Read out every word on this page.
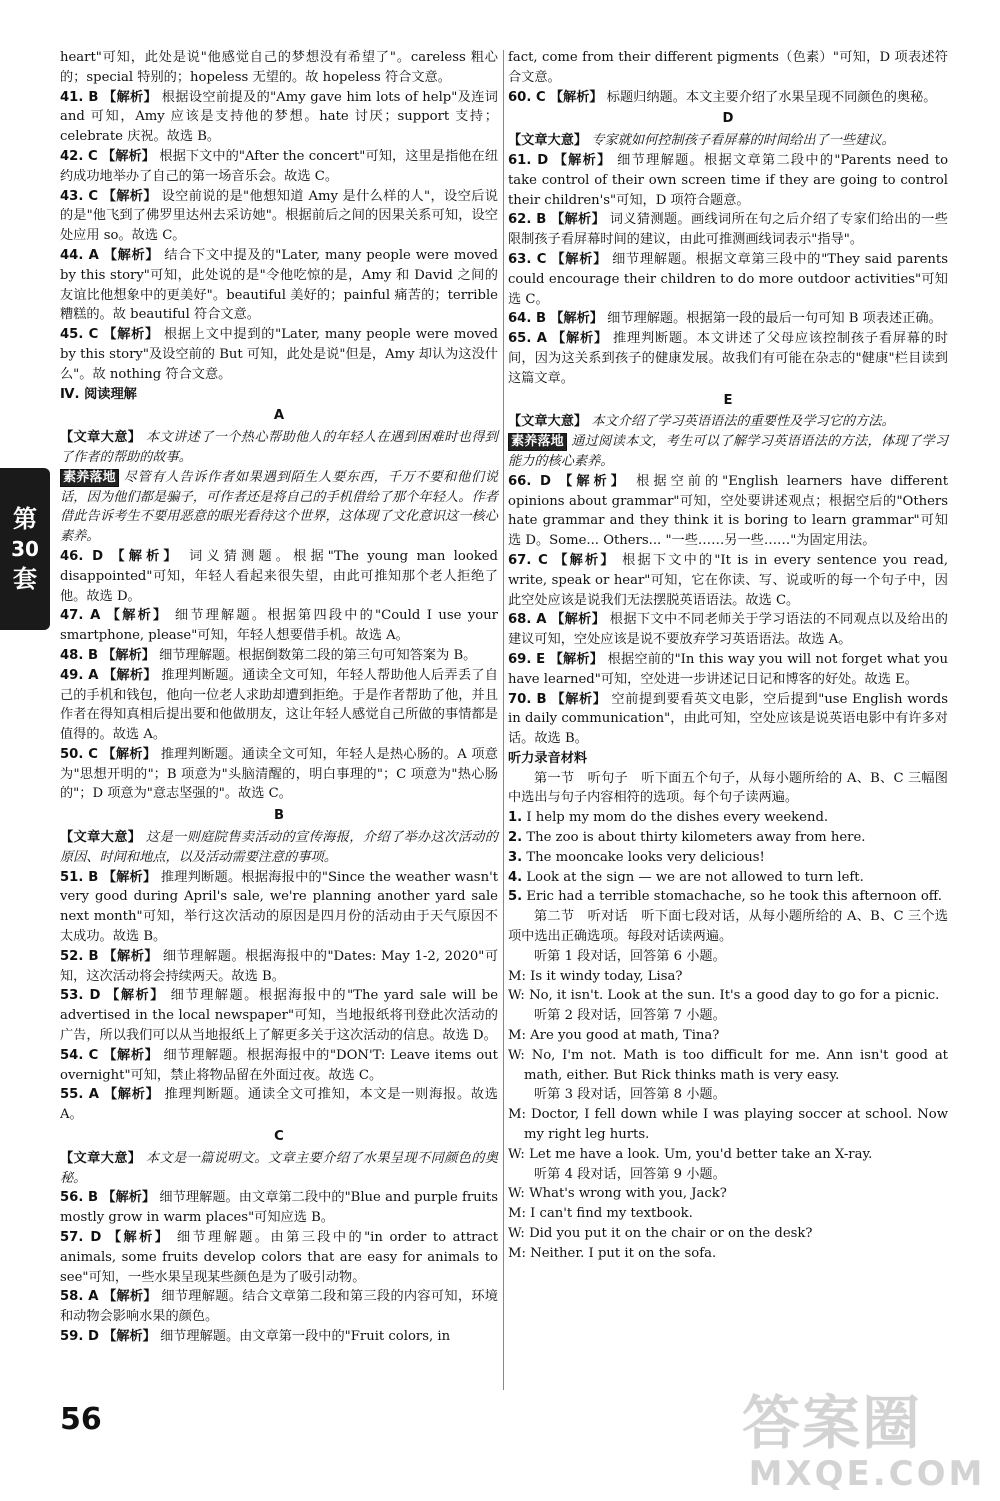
第
30
套

heart"可知，此处是说"他感觉自己的梦想没有希望了"。careless 粗心的；special 特别的；hopeless 无望的。故 hopeless 符合文意。

41. B 【解析】 根据设空前提及的"Amy gave him lots of help"及连词 and 可知，Amy 应该是支持他的梦想。hate 讨厌；support 支持；celebrate 庆祝。故选 B。

42. C 【解析】 根据下文中的"After the concert"可知，这里是指他在纽约成功地举办了自己的第一场音乐会。故选 C。

43. C 【解析】 设空前说的是"他想知道 Amy 是什么样的人"，设空后说的是"他飞到了佛罗里达州去采访她"。根据前后之间的因果关系可知，设空处应用 so。故选 C。

44. A 【解析】 结合下文中提及的"Later, many people were moved by this story"可知，此处说的是"令他吃惊的是，Amy 和 David 之间的友谊比他想象中的更美好"。beautiful 美好的；painful 痛苦的；terrible 糟糕的。故 beautiful 符合文意。

45. C 【解析】 根据上文中提到的"Later, many people were moved by this story"及设空前的 But 可知，此处是说"但是，Amy 却认为这没什么"。故 nothing 符合文意。

Ⅳ. 阅读理解

A

【文章大意】 本文讲述了一个热心帮助他人的年轻人在遇到困难时也得到了作者的帮助的故事。

素养落地 尽管有人告诉作者如果遇到陌生人要东西，千万不要和他们说话，因为他们都是骗子，可作者还是将自己的手机借给了那个年轻人。作者借此告诉考生不要用恶意的眼光看待这个世界，这体现了文化意识这一核心素养。

46. D 【解析】 词义猜测题。根据"The young man looked disappointed"可知，年轻人看起来很失望，由此可推知那个老人拒绝了他。故选 D。

47. A 【解析】 细节理解题。根据第四段中的"Could I use your smartphone, please"可知，年轻人想要借手机。故选 A。

48. B 【解析】 细节理解题。根据倒数第二段的第三句可知答案为 B。

49. A 【解析】 推理判断题。通读全文可知，年轻人帮助他人后弄丢了自己的手机和钱包，他向一位老人求助却遭到拒绝。于是作者帮助了他，并且作者在得知真相后提出要和他做朋友，这让年轻人感觉自己所做的事情都是值得的。故选 A。

50. C 【解析】 推理判断题。通读全文可知，年轻人是热心肠的。A 项意为"思想开明的"；B 项意为"头脑清醒的，明白事理的"；C 项意为"热心肠的"；D 项意为"意志坚强的"。故选 C。

B

【文章大意】 这是一则庭院售卖活动的宣传海报，介绍了举办这次活动的原因、时间和地点，以及活动需要注意的事项。

51. B 【解析】 推理判断题。根据海报中的"Since the weather wasn't very good during April's sale, we're planning another yard sale next month"可知，举行这次活动的原因是四月份的活动由于天气原因不太成功。故选 B。

52. B 【解析】 细节理解题。根据海报中的"Dates: May 1-2, 2020"可知，这次活动将会持续两天。故选 B。

53. D 【解析】 细节理解题。根据海报中的"The yard sale will be advertised in the local newspaper"可知，当地报纸将刊登此次活动的广告，所以我们可以从当地报纸上了解更多关于这次活动的信息。故选 D。

54. C 【解析】 细节理解题。根据海报中的"DON'T: Leave items out overnight"可知，禁止将物品留在外面过夜。故选 C。

55. A 【解析】 推理判断题。通读全文可推知，本文是一则海报。故选 A。

C

【文章大意】 本文是一篇说明文。文章主要介绍了水果呈现不同颜色的奥秘。

56. B 【解析】 细节理解题。由文章第二段中的"Blue and purple fruits mostly grow in warm places"可知应选 B。

57. D 【解析】 细节理解题。由第三段中的"in order to attract animals, some fruits develop colors that are easy for animals to see"可知，一些水果呈现某些颜色是为了吸引动物。

58. A 【解析】 细节理解题。结合文章第二段和第三段的内容可知，环境和动物会影响水果的颜色。

59. D 【解析】 细节理解题。由文章第一段中的"Fruit colors, in

fact, come from their different pigments（色素）"可知，D 项表述符合文意。

60. C 【解析】 标题归纳题。本文主要介绍了水果呈现不同颜色的奥秘。

D

【文章大意】 专家就如何控制孩子看屏幕的时间给出了一些建议。

61. D 【解析】 细节理解题。根据文章第二段中的"Parents need to take control of their own screen time if they are going to control their children's"可知，D 项符合题意。

62. B 【解析】 词义猜测题。画线词所在句之后介绍了专家们给出的一些限制孩子看屏幕时间的建议，由此可推测画线词表示"指导"。

63. C 【解析】 细节理解题。根据文章第三段中的"They said parents could encourage their children to do more outdoor activities"可知选 C。

64. B 【解析】 细节理解题。根据第一段的最后一句可知 B 项表述正确。

65. A 【解析】 推理判断题。本文讲述了父母应该控制孩子看屏幕的时间，因为这关系到孩子的健康发展。故我们有可能在杂志的"健康"栏目读到这篇文章。

E

【文章大意】 本文介绍了学习英语语法的重要性及学习它的方法。

素养落地 通过阅读本文，考生可以了解学习英语语法的方法，体现了学习能力的核心素养。

66. D 【解析】 根据空前的"English learners have different opinions about grammar"可知，空处要讲述观点；根据空后的"Others hate grammar and they think it is boring to learn grammar"可知选 D。Some... Others... "一些……另一些……"为固定用法。

67. C 【解析】 根据下文中的"It is in every sentence you read, write, speak or hear"可知，它在你读、写、说或听的每一个句子中，因此空处应该是说我们无法摆脱英语语法。故选 C。

68. A 【解析】 根据下文中不同老师关于学习语法的不同观点以及给出的建议可知，空处应该是说不要放弃学习英语语法。故选 A。

69. E 【解析】 根据空前的"In this way you will not forget what you have learned"可知，空处进一步讲述记日记和博客的好处。故选 E。

70. B 【解析】 空前提到要看英文电影，空后提到"use English words in daily communication"，由此可知，空处应该是说英语电影中有许多对话。故选 B。

听力录音材料

第一节　听句子　听下面五个句子，从每小题所给的 A、B、C 三幅图中选出与句子内容相符的选项。每个句子读两遍。

1. I help my mom do the dishes every weekend.

2. The zoo is about thirty kilometers away from here.

3. The mooncake looks very delicious!

4. Look at the sign — we are not allowed to turn left.

5. Eric had a terrible stomachache, so he took this afternoon off.

第二节　听对话　听下面七段对话，从每小题所给的 A、B、C 三个选项中选出正确选项。每段对话读两遍。

听第 1 段对话，回答第 6 小题。

M: Is it windy today, Lisa?

W: No, it isn't. Look at the sun. It's a good day to go for a picnic.

听第 2 段对话，回答第 7 小题。

M: Are you good at math, Tina?

W: No, I'm not. Math is too difficult for me. Ann isn't good at math, either. But Rick thinks math is very easy.

听第 3 段对话，回答第 8 小题。

M: Doctor, I fell down while I was playing soccer at school. Now my right leg hurts.

W: Let me have a look. Um, you'd better take an X-ray.

听第 4 段对话，回答第 9 小题。

W: What's wrong with you, Jack?

M: I can't find my textbook.

W: Did you put it on the chair or on the desk?

M: Neither. I put it on the sofa.

56	答案圈
MXQE.COM
